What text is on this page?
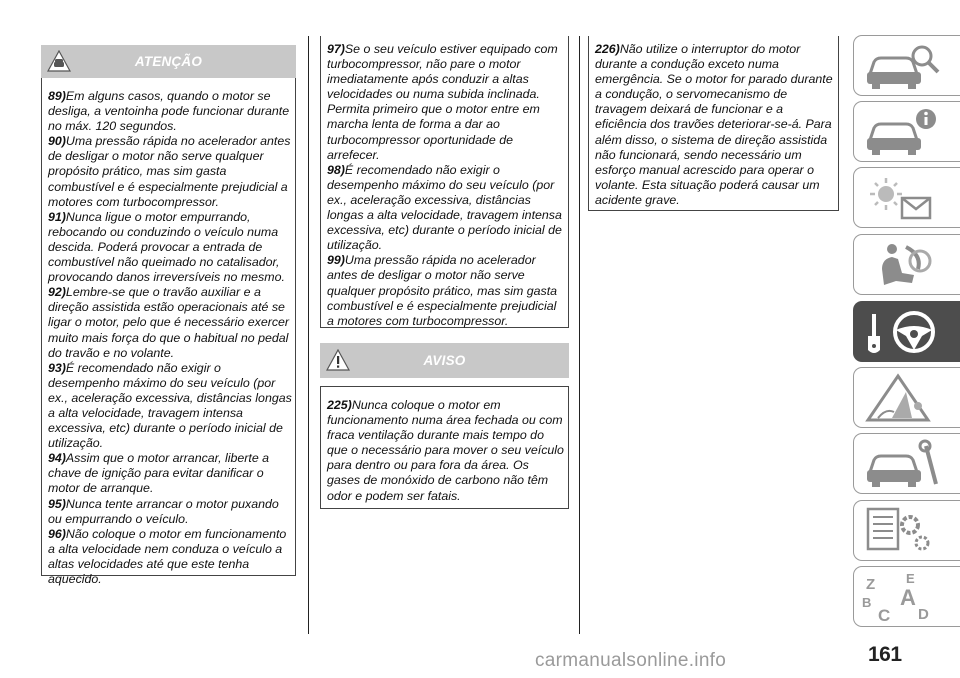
ATENÇÃO

89)Em alguns casos, quando o motor se desliga, a ventoinha pode funcionar durante no máx. 120 segundos.

90)Uma pressão rápida no acelerador antes de desligar o motor não serve qualquer propósito prático, mas sim gasta combustível e é especialmente prejudicial a motores com turbocompressor.

91)Nunca ligue o motor empurrando, rebocando ou conduzindo o veículo numa descida. Poderá provocar a entrada de combustível não queimado no catalisador, provocando danos irreversíveis no mesmo.

92)Lembre-se que o travão auxiliar e a direção assistida estão operacionais até se ligar o motor, pelo que é necessário exercer muito mais força do que o habitual no pedal do travão e no volante.

93)É recomendado não exigir o desempenho máximo do seu veículo (por ex., aceleração excessiva, distâncias longas a alta velocidade, travagem intensa excessiva, etc) durante o período inicial de utilização.

94)Assim que o motor arrancar, liberte a chave de ignição para evitar danificar o motor de arranque.

95)Nunca tente arrancar o motor puxando ou empurrando o veículo.

96)Não coloque o motor em funcionamento a alta velocidade nem conduza o veículo a altas velocidades até que este tenha aquecido.

97)Se o seu veículo estiver equipado com turbocompressor, não pare o motor imediatamente após conduzir a altas velocidades ou numa subida inclinada. Permita primeiro que o motor entre em marcha lenta de forma a dar ao turbocompressor oportunidade de arrefecer.

98)É recomendado não exigir o desempenho máximo do seu veículo (por ex., aceleração excessiva, distâncias longas a alta velocidade, travagem intensa excessiva, etc) durante o período inicial de utilização.

99)Uma pressão rápida no acelerador antes de desligar o motor não serve qualquer propósito prático, mas sim gasta combustível e é especialmente prejudicial a motores com turbocompressor.

AVISO

225)Nunca coloque o motor em funcionamento numa área fechada ou com fraca ventilação durante mais tempo do que o necessário para mover o seu veículo para dentro ou para fora da área. Os gases de monóxido de carbono não têm odor e podem ser fatais.

226)Não utilize o interruptor do motor durante a condução exceto numa emergência. Se o motor for parado durante a condução, o servomecanismo de travagem deixará de funcionar e a eficiência dos travões deteriorar-se-á. Para além disso, o sistema de direção assistida não funcionará, sendo necessário um esforço manual acrescido para operar o volante. Esta situação poderá causar um acidente grave.

Z E
B A
C D
161
carmanualsonline.info
